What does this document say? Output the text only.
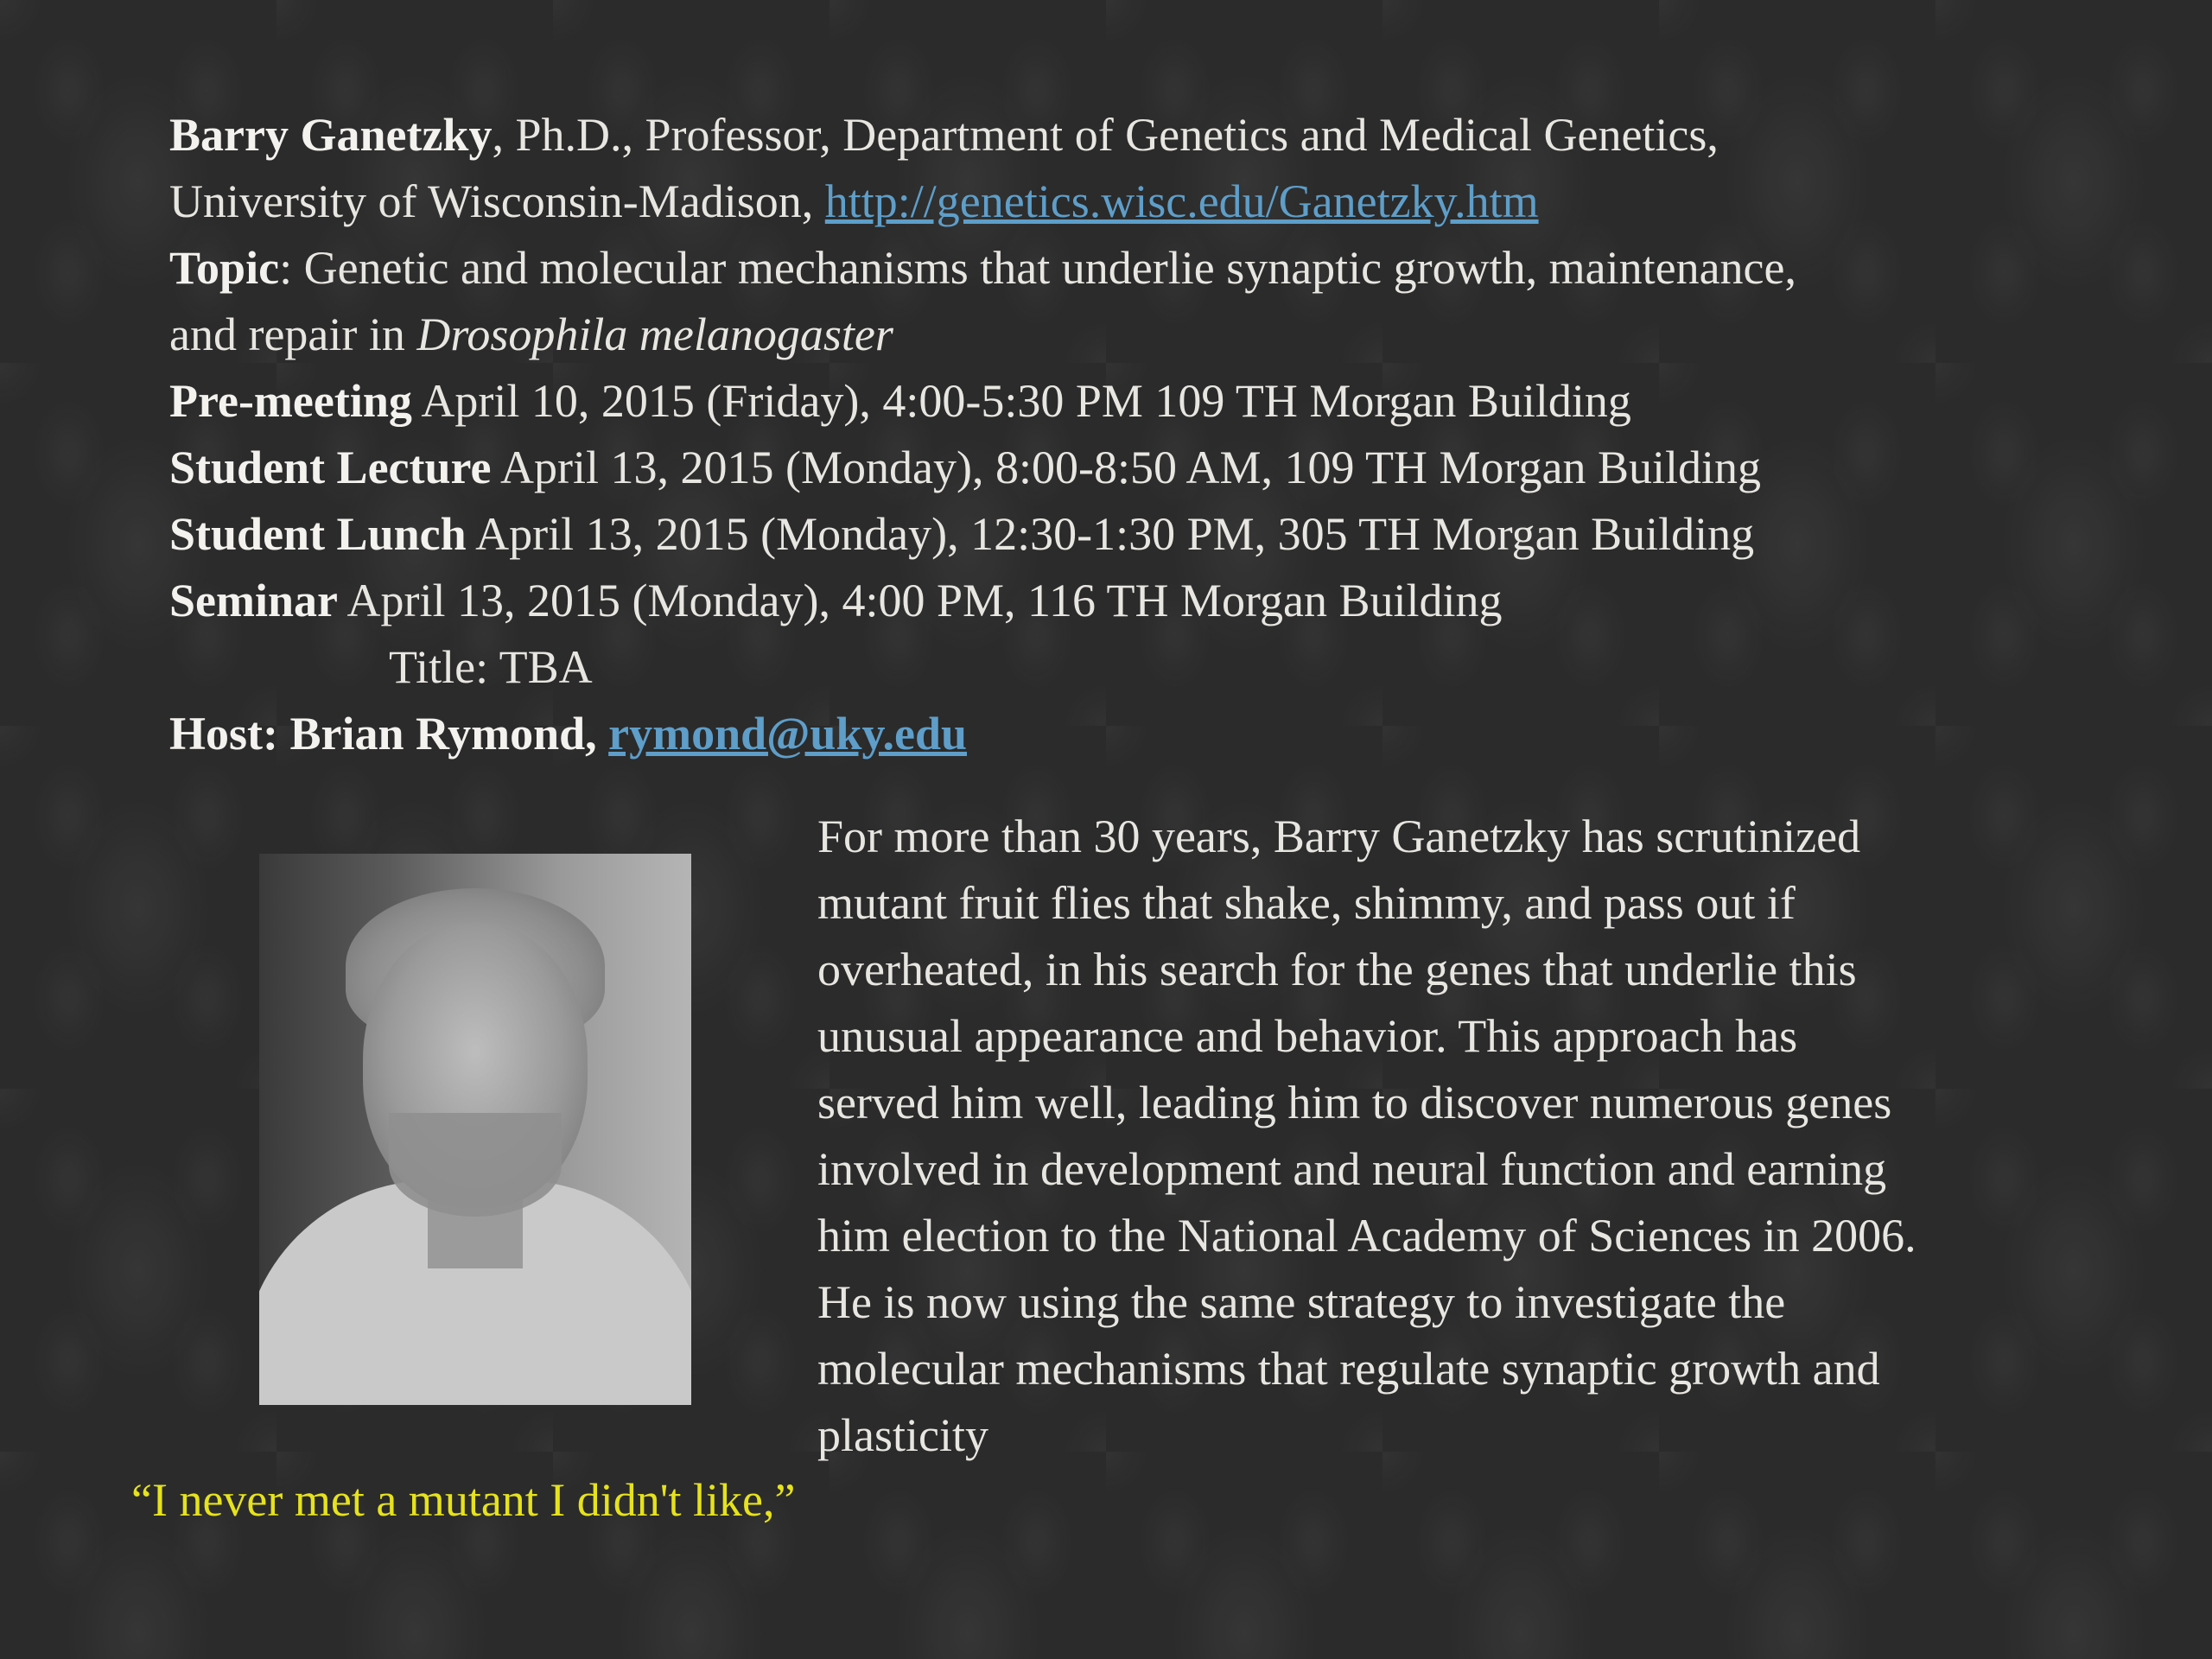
Barry Ganetzky, Ph.D., Professor, Department of Genetics and Medical Genetics,
University of Wisconsin-Madison, http://genetics.wisc.edu/Ganetzky.htm
Topic: Genetic and molecular mechanisms that underlie synaptic growth, maintenance,
and repair in Drosophila melanogaster
Pre-meeting April 10, 2015 (Friday), 4:00-5:30 PM 109 TH Morgan Building
Student Lecture April 13, 2015 (Monday), 8:00-8:50 AM, 109 TH Morgan Building
Student Lunch April 13, 2015 (Monday), 12:30-1:30 PM, 305 TH Morgan Building
Seminar April 13, 2015 (Monday), 4:00 PM, 116 TH Morgan Building
Title: TBA
Host: Brian Rymond, rymond@uky.edu
For more than 30 years, Barry Ganetzky has scrutinized
mutant fruit flies that shake, shimmy, and pass out if
overheated, in his search for the genes that underlie this
unusual appearance and behavior. This approach has
served him well, leading him to discover numerous genes
involved in development and neural function and earning
him election to the National Academy of Sciences in 2006.
He is now using the same strategy to investigate the
molecular mechanisms that regulate synaptic growth and
plasticity
“I never met a mutant I didn't like,”
